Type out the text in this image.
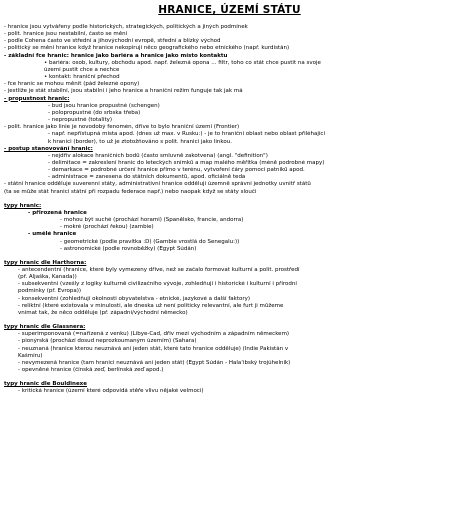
HRANICE, ÚZEMÍ STÁTU
- hranice jsou vytvářeny podle historických, strategických, politických a jiných podmínek
- polit. hranice jsou nestabilní, často se mění
- podle Cohena často ve střední a jihovýchodní evropě, střední a blízký východ
- politický se mění hranice když hranice nekopírují něco geografického nebo etnického (např. kurdistán)
- základní fce hranic: hranice jako bariéra a hranice jako místo kontaktu
• bariéra: osob, kultury, obchodu apod. např. železná opona ... filtr, toho co stát chce pustit na svoje
území pustit chce a nechce
• kontakt: hraniční přechod
- fce hranic se mohou měnit (pád železné opony)
- jestliže je stát stabilní, jsou stabilní i jeho hranice a hraniční režim funguje tak jak má
- propustnost hranic:
- bud jsou hranice propustné (schengen)
- polopropustné (do srbska třeba)
- nepropustné (totality)
- polit. hranice jako linie je novodobý fenomén, dříve to bylo hraniční území (Frontier)
- např. nepřístupná místa apod. (dnes už max. v Rusku:) - je to hraniční oblast nebo oblast přiléhající
k hranici (border), to už je ztotožňováno s polit. hranicí jako linkou.
- postup stanovování hranic:
- nejdřív alokace hraničních bodů (často smluvně zakotvena) (angl. "definition")
- delimitace = zakreslení hranic do leteckých snímků a map malého měřítka (méně podrobné mapy)
- demarkace = podrobné určení hranice přímo v terénu, vytvoření čáry pomocí patníků apod.
- administrace = zanesena do státních dokumentů, apod. oficiálně teda
- státní hranice odděluje suverenní státy, administrativní hranice odděluji územně správní jednotky uvnitř států
(ta se může stát hranicí státní při rozpadu federace např.) nebo naopak když se státy slouči
typy hranic:
- přirozená hranice
- mohou být suché (prochází horami) (Španělsko, francie, andorra)
- mokré (prochází řekou) (zambie)
- umělé hranice
- geometrické (podle pravítka :D) (Gambie vrostlá do Senegalu:))
- astronomické (podle rovnoběžky) (Egypt Súdán)
typy hranic dle Harthorna:
- antecendentní (hranice, které byly vymezeny dříve, než se začalo formovat kulturní a polit. prostředí
(př. Aljaška, Kanada))
- subsekventní (vzešly z logiky kulturně civilizačního vývoje, zohledňují i historické i kulturní i přírodní
podmínky (př. Evropa))
- konsekventní (zohledňují okolnosti obyvatelstva - etnické, jazykové a další faktory)
- reliktní (které existovala v minulosti, ale dneska už není politicky relevantní, ale furt ji můžeme
vnímat tak, že něco odděluje (př. západní/východní německo)
typy hranic dle Glassnera:
- superimponovaná (=nařízená z venku) (Libye-Čad, dřív mezi východním a západním německem)
- pionýrská (prochází dosud neprozkoumaným územím) (Sahara)
- neuznaná (hranice kterou neuznává ani jeden stát, které tato hranice odděluje) (Indie Pakistán v
Kašmíru)
- nevymezená hranice (tam hranici neuznává ani jeden stát) (Egypt Súdán - Halaʼibský trojúhelník)
- opevněné hranice (čínská zeď, berlínská zeď apod.)
typy hranic dle Bouldinexe
- kritická hranice (území které odpovídá stěře vlivu nějaké velmoci)
